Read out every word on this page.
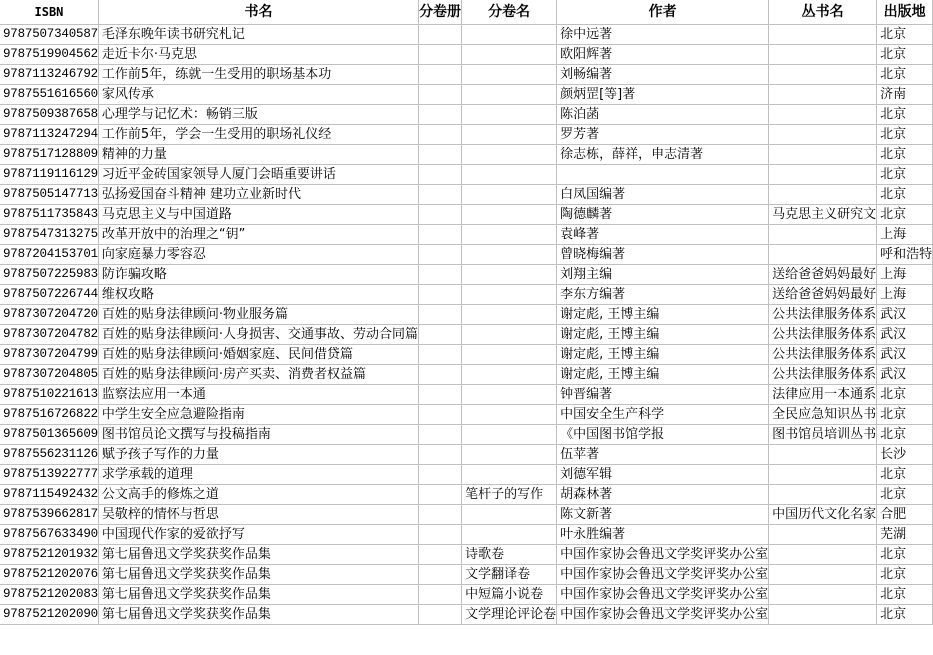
ISBN	书名	分卷册	分卷名	作者	丛书名	出版地
9787507340587	毛泽东晚年读书研究札记			徐中远著		北京
9787519904562	走近卡尔·马克思			欧阳辉著		北京
9787113246792	工作前5年，练就一生受用的职场基本功			刘畅编著		北京
9787551616560	家风传承			颜炳罡[等]著		济南
9787509387658	心理学与记忆术：畅销三版			陈泊菡		北京
9787113247294	工作前5年，学会一生受用的职场礼仪经			罗芳著		北京
9787517128809	精神的力量			徐志栋，薛祥，申志清著		北京
9787119116129	习近平金砖国家领导人厦门会晤重要讲话					北京
9787505147713	弘扬爱国奋斗精神 建功立业新时代			白凤国编著		北京
9787511735843	马克思主义与中国道路			陶德麟著	马克思主义研究文	北京
9787547313275	改革开放中的治理之“钥”			袁峰著		上海
9787204153701	向家庭暴力零容忍			曾晓梅编著		呼和浩特
9787507225983	防诈骗攻略			刘翔主编	送给爸爸妈妈最好	上海
9787507226744	维权攻略			李东方编著	送给爸爸妈妈最好	上海
9787307204720	百姓的贴身法律顾问·物业服务篇			谢定彪, 王博主编	公共法律服务体系	武汉
9787307204782	百姓的贴身法律顾问·人身损害、交通事故、劳动合同篇			谢定彪, 王博主编	公共法律服务体系	武汉
9787307204799	百姓的贴身法律顾问·婚姻家庭、民间借贷篇			谢定彪, 王博主编	公共法律服务体系	武汉
9787307204805	百姓的贴身法律顾问·房产买卖、消费者权益篇			谢定彪, 王博主编	公共法律服务体系	武汉
9787510221613	监察法应用一本通			钟晋编著	法律应用一本通系	北京
9787516726822	中学生安全应急避险指南			中国安全生产科学	全民应急知识丛书	北京
9787501365609	图书馆员论文撰写与投稿指南			《中国图书馆学报	图书馆员培训丛书	北京
9787556231126	赋予孩子写作的力量			伍苹著		长沙
9787513922777	求学承载的道理			刘德军辑		北京
9787115492432	公文高手的修炼之道		笔杆子的写作	胡森林著		北京
9787539662817	吴敬梓的情怀与哲思			陈文新著	中国历代文化名家	合肥
9787567633490	中国现代作家的爱欲抒写			叶永胜编著		芜湖
9787521201932	第七届鲁迅文学奖获奖作品集		诗歌卷	中国作家协会鲁迅文学奖评奖办公室		北京
9787521202076	第七届鲁迅文学奖获奖作品集		文学翻译卷	中国作家协会鲁迅文学奖评奖办公室		北京
9787521202083	第七届鲁迅文学奖获奖作品集		中短篇小说卷	中国作家协会鲁迅文学奖评奖办公室		北京
9787521202090	第七届鲁迅文学奖获奖作品集		文学理论评论卷	中国作家协会鲁迅文学奖评奖办公室		北京
